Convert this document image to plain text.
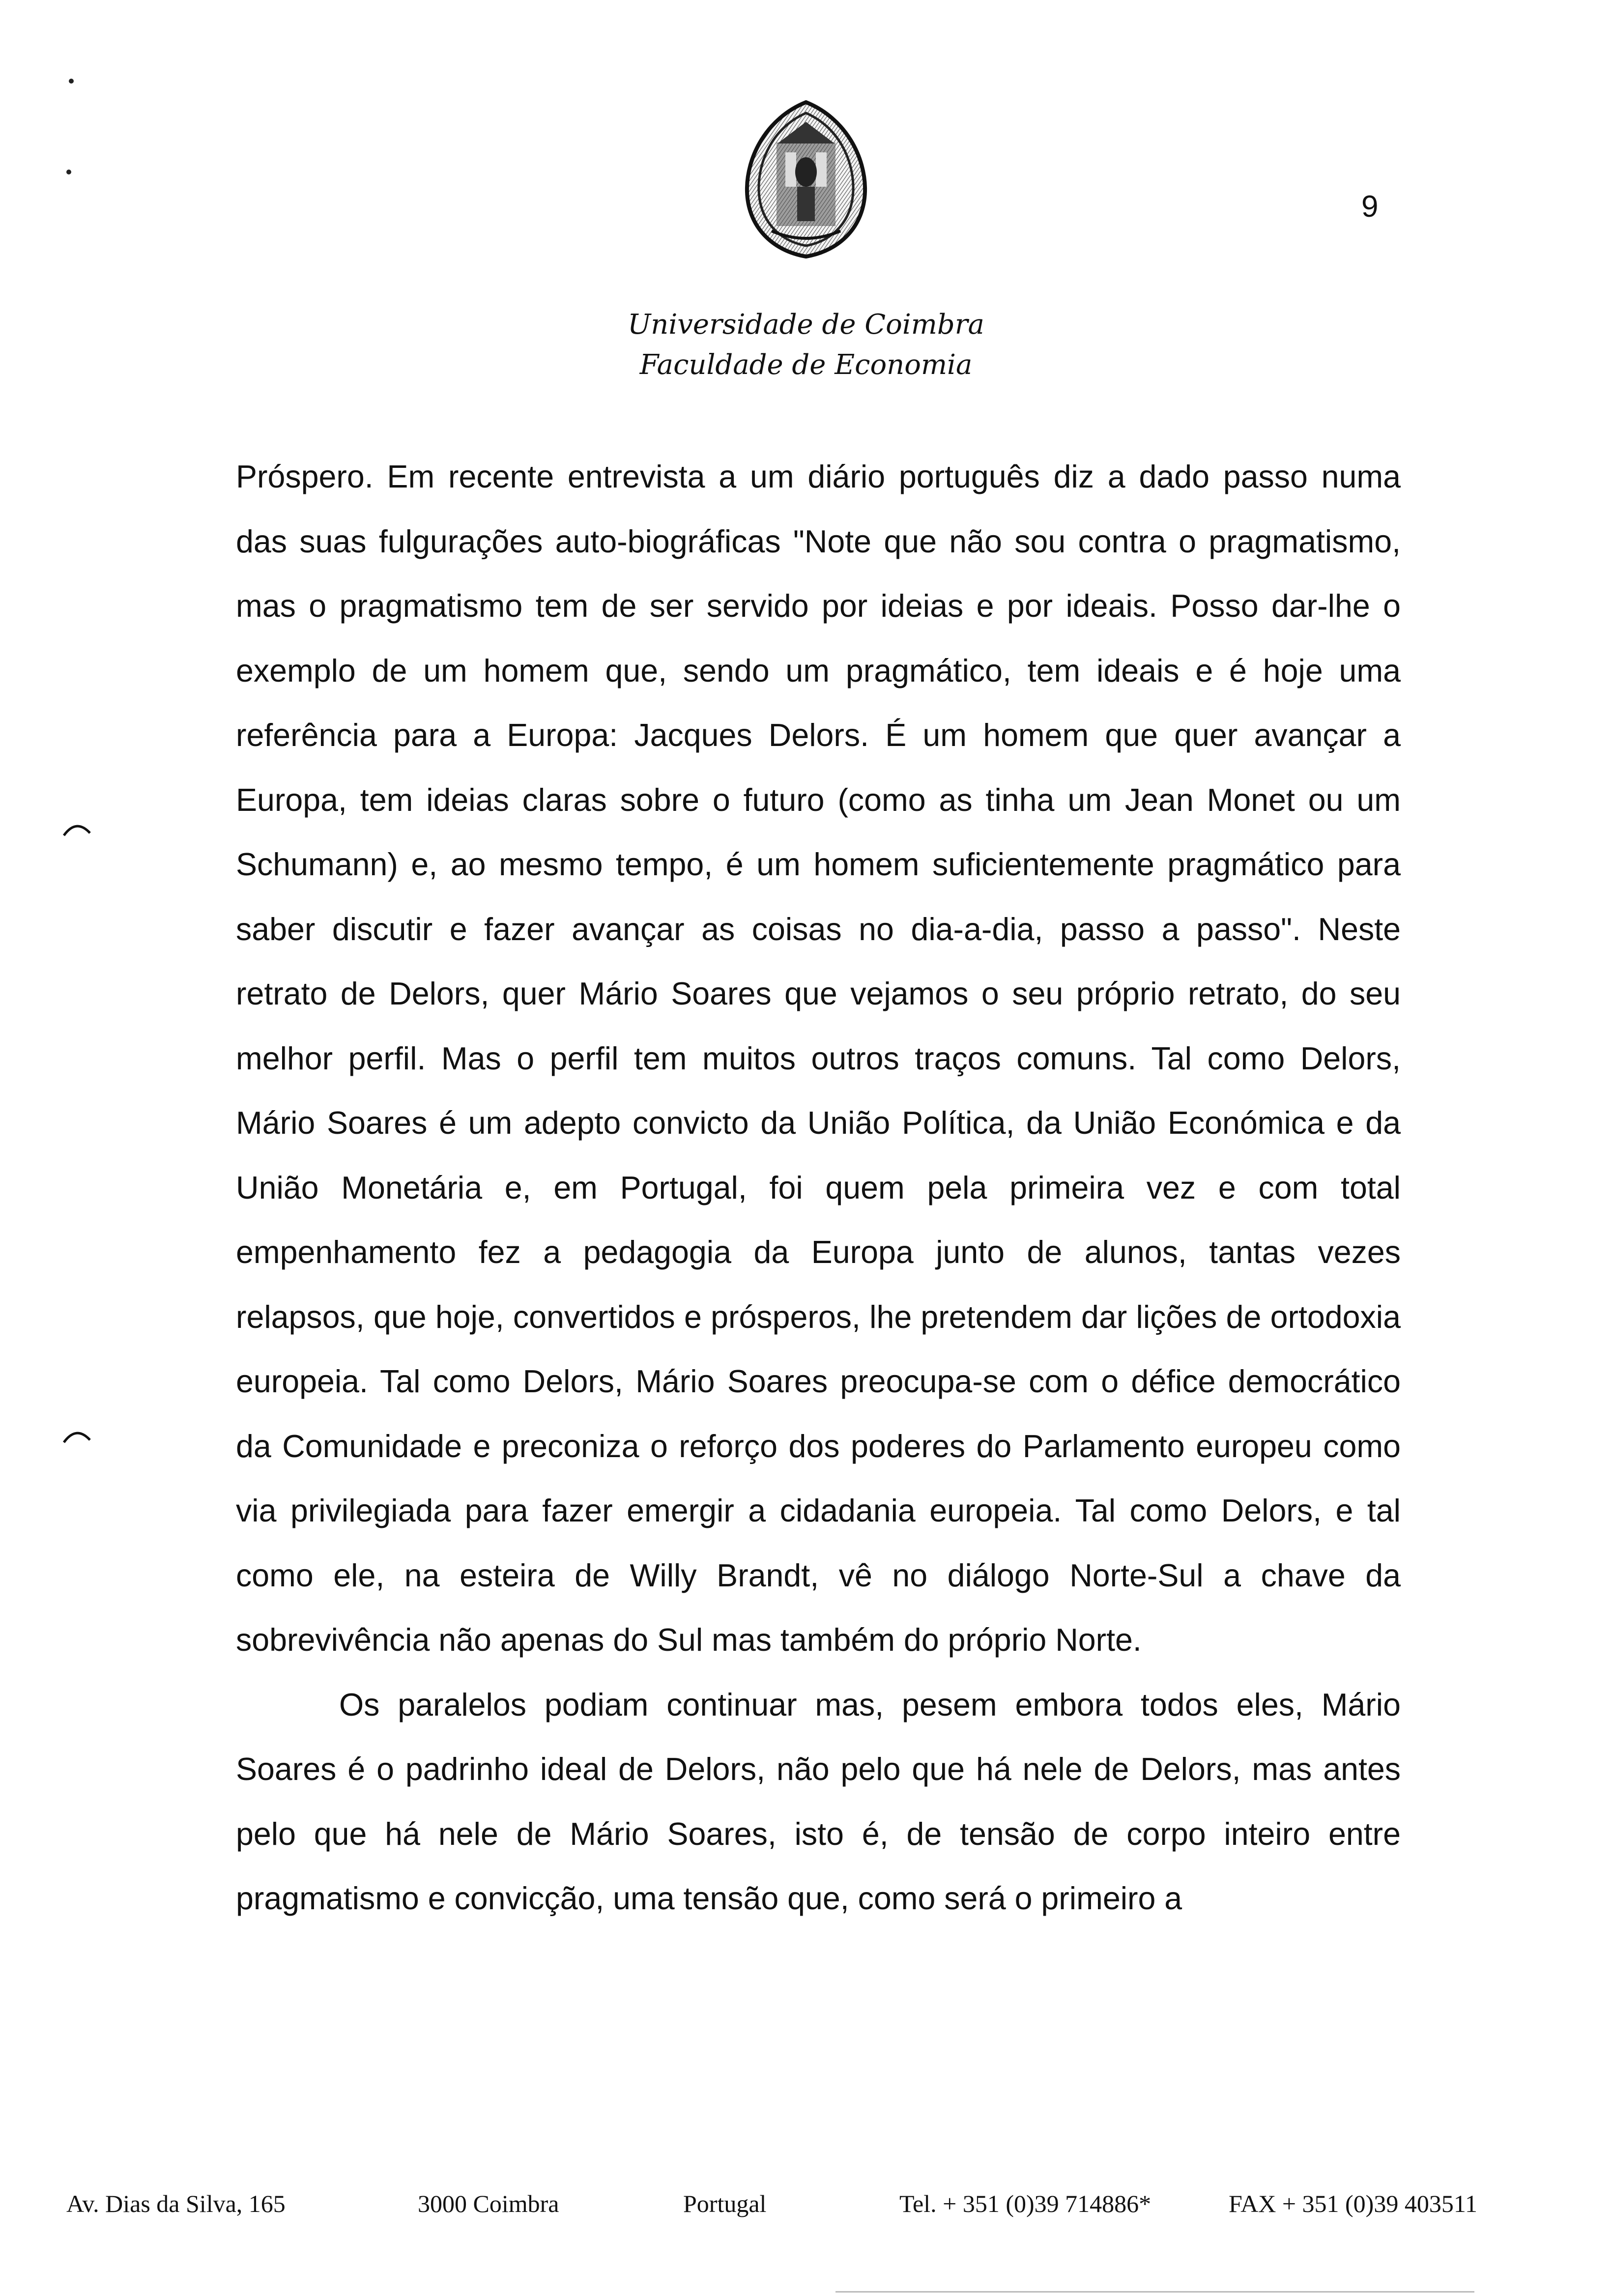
9
Universidade de Coimbra
Faculdade de Economia

Próspero. Em recente entrevista a um diário português diz a dado passo numa das suas fulgurações auto-biográficas "Note que não sou contra o pragmatismo, mas o pragmatismo tem de ser servido por ideias e por ideais. Posso dar-lhe o exemplo de um homem que, sendo um pragmático, tem ideais e é hoje uma referência para a Europa: Jacques Delors. É um homem que quer avançar a Europa, tem ideias claras sobre o futuro (como as tinha um Jean Monet ou um Schumann) e, ao mesmo tempo, é um homem suficientemente pragmático para saber discutir e fazer avançar as coisas no dia-a-dia, passo a passo". Neste retrato de Delors, quer Mário Soares que vejamos o seu próprio retrato, do seu melhor perfil. Mas o perfil tem muitos outros traços comuns. Tal como Delors, Mário Soares é um adepto convicto da União Política, da União Económica e da União Monetária e, em Portugal, foi quem pela primeira vez e com total empenhamento fez a pedagogia da Europa junto de alunos, tantas vezes relapsos, que hoje, convertidos e prósperos, lhe pretendem dar lições de ortodoxia europeia. Tal como Delors, Mário Soares preocupa-se com o défice democrático da Comunidade e preconiza o reforço dos poderes do Parlamento europeu como via privilegiada para fazer emergir a cidadania europeia. Tal como Delors, e tal como ele, na esteira de Willy Brandt, vê no diálogo Norte-Sul a chave da sobrevivência não apenas do Sul mas também do próprio Norte.

Os paralelos podiam continuar mas, pesem embora todos eles, Mário Soares é o padrinho ideal de Delors, não pelo que há nele de Delors, mas antes pelo que há nele de Mário Soares, isto é, de tensão de corpo inteiro entre pragmatismo e convicção, uma tensão que, como será o primeiro a

Av. Dias da Silva, 165	3000 Coimbra	Portugal	Tel. + 351 (0)39 714886*	FAX + 351 (0)39 403511
